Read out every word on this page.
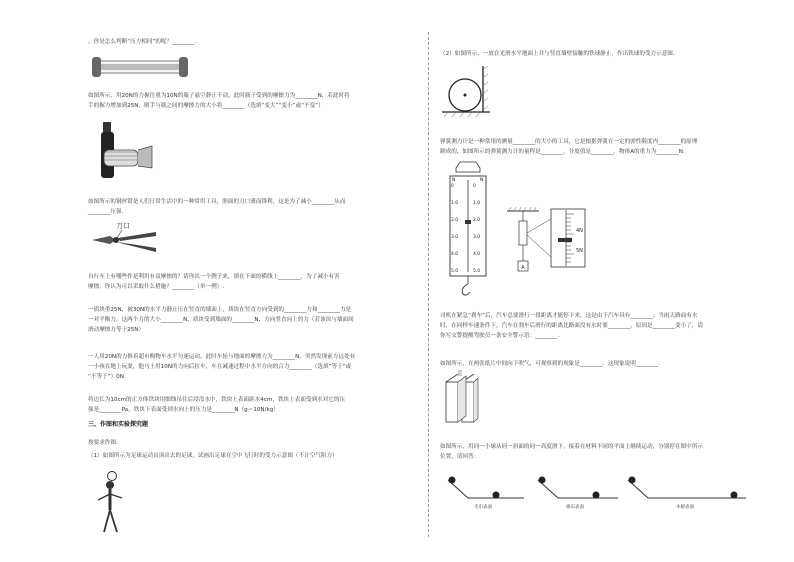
，你是怎么判断“压力相同”的呢？________。
如图所示，用20N的力握住重为10N的瓶子悬空静止不动，此时瓶子受到的摩擦力为________N，若此时将
手的握力增加到25N，则手与瓶之间的摩擦力的大小将________（选填“变大”“变小”或“不变”）
如图所示的钢丝钳是人们日常生活中的一种常用工具，胆面的刀口薄而锋利，这是为了减小________从而
________压强.
刀口
自行车上有哪些作是利用有益摩擦的？请你出一个例子来，填在下面的横线上________，为了减小有害
摩擦，你认为可以采取什么措施？________（举一例）.
一质块重25N，被30N的水平力静止压在竖直的墙面上，质块在竖直方向受到的________力和________力是
一对平衡力，这两个力的大小________N，质块受到墙面的________N，方向竖直向上的力（若该块与墙面间
滑动摩擦力等于25N）
一人用20N的力推着超市购物车水平匀速运动，此时车轮与地面的摩擦力为________N，突然发现前方远处有
一小孩在地上玩耍，他马上用10N的力向后拉车，车在减速过程中水平方向的合力________（选填“等于”或
“不等于”）0N.
将边长为10cm的正方体铁块用细线吊住后浸没水中，铁块上表面距水4cm，铁块上表面受到水对它的压
强是________Pa，铁块下表面受到水向上的压力是________N（g＝10N/kg）
三、作图和实验探究题
按要求作图.
（1）如图所示为足球运动员顶出去的足球，试画出足球在空中飞行时的受力示意图（不计空气阻力）
（2）如图所示，一放在光滑水平地面上并与竖直墙壁接触的铁球静止，作出铁球的受力示意图.
弹簧测力计是一种常用的测量________的大小的工具，它是根据弹簧在一定的弹性限度内________的原理
制成的，如图所示的弹簧测力计的量程是________，分度值是________，物体A的重力为________N.
N	N
0
1.0
2.0
3.0
4.0
5.0
0
1.0
2.0
3.0
4.0
5.0
A
4N
5N
司机在紧急“刹车”后，汽车总要滑行一段距离才能停下来，这是由于汽车具有________；当雨天路面有水
时，在同样车速条件下，汽车在刹车后滑行的距离比路面没有水时要________，原因是________变小了，请
你写交警提醒驾驶员一条安全警示语：________.
如图所示，在两张纸片中间向下吹气，可观察到的现象是________，这现象说明________.
如图所示，用同一小球从同一斜面的同一高度滑下，接着在材料不同的平面上继续运动，分别停在图中所示
位置，请回答：
毛巾表面	棉布表面	木板表面
